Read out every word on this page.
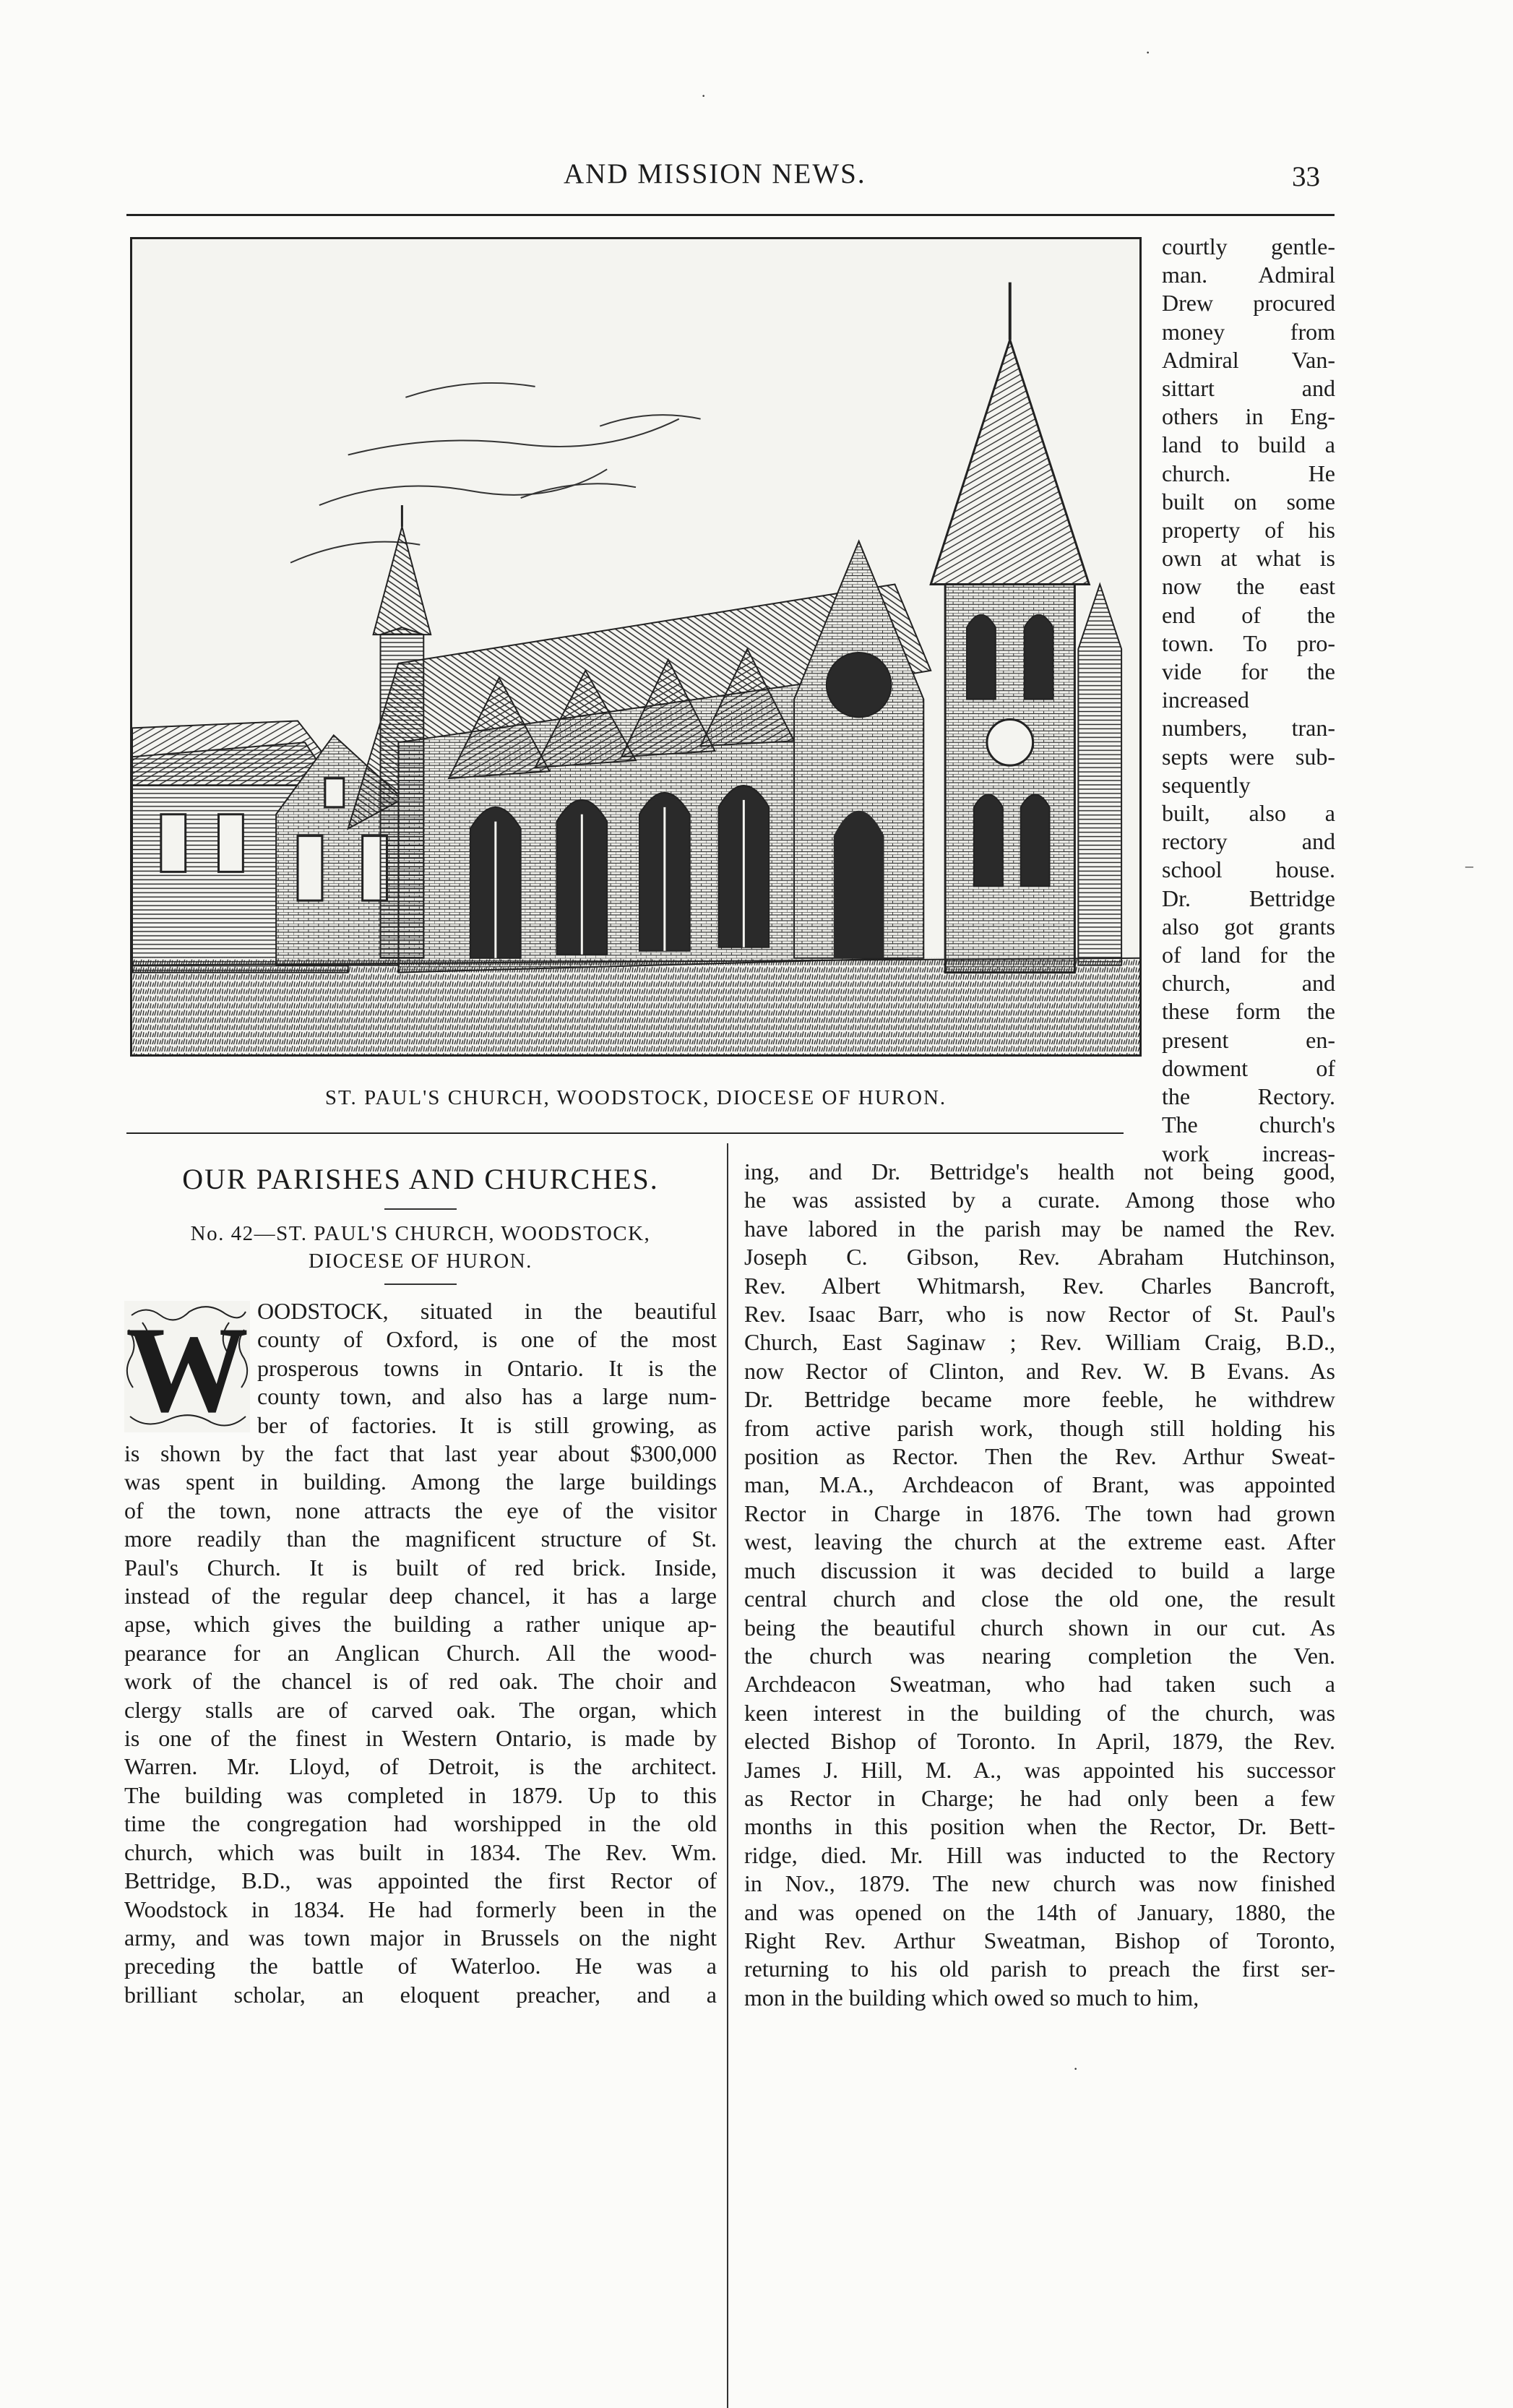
AND MISSION NEWS.	33
ST. PAUL'S CHURCH, WOODSTOCK, DIOCESE OF HURON.
courtly gentle-
man. Admiral
Drew procured
money from
Admiral Van-
sittart and
others in Eng-
land to build a
church. He
built on some
property of his
own at what is
now the east
end of the
town. To pro-
vide for the
increased
numbers, tran-
septs were sub-
sequently
built, also a
rectory and
school house.
Dr. Bettridge
also got grants
of land for the
church, and
these form the
present en-
dowment of
the Rectory.
The church's
work increas-
OUR PARISHES AND CHURCHES.
No. 42—ST. PAUL'S CHURCH, WOODSTOCK,
DIOCESE OF HURON.
W OODSTOCK, situated in the beautiful
county of Oxford, is one of the most
prosperous towns in Ontario. It is the
county town, and also has a large num-
ber of factories. It is still growing, as
is shown by the fact that last year about $300,000
was spent in building. Among the large buildings
of the town, none attracts the eye of the visitor
more readily than the magnificent structure of St.
Paul's Church. It is built of red brick. Inside,
instead of the regular deep chancel, it has a large
apse, which gives the building a rather unique ap-
pearance for an Anglican Church. All the wood-
work of the chancel is of red oak. The choir and
clergy stalls are of carved oak. The organ, which
is one of the finest in Western Ontario, is made by
Warren. Mr. Lloyd, of Detroit, is the architect.
The building was completed in 1879. Up to this
time the congregation had worshipped in the old
church, which was built in 1834. The Rev. Wm.
Bettridge, B.D., was appointed the first Rector of
Woodstock in 1834. He had formerly been in the
army, and was town major in Brussels on the night
preceding the battle of Waterloo. He was a
brilliant scholar, an eloquent preacher, and a
ing, and Dr. Bettridge's health not being good,
he was assisted by a curate. Among those who
have labored in the parish may be named the Rev.
Joseph C. Gibson, Rev. Abraham Hutchinson,
Rev. Albert Whitmarsh, Rev. Charles Bancroft,
Rev. Isaac Barr, who is now Rector of St. Paul's
Church, East Saginaw ; Rev. William Craig, B.D.,
now Rector of Clinton, and Rev. W. B Evans. As
Dr. Bettridge became more feeble, he withdrew
from active parish work, though still holding his
position as Rector. Then the Rev. Arthur Sweat-
man, M.A., Archdeacon of Brant, was appointed
Rector in Charge in 1876. The town had grown
west, leaving the church at the extreme east. After
much discussion it was decided to build a large
central church and close the old one, the result
being the beautiful church shown in our cut. As
the church was nearing completion the Ven.
Archdeacon Sweatman, who had taken such a
keen interest in the building of the church, was
elected Bishop of Toronto. In April, 1879, the Rev.
James J. Hill, M. A., was appointed his successor
as Rector in Charge; he had only been a few
months in this position when the Rector, Dr. Bett-
ridge, died. Mr. Hill was inducted to the Rectory
in Nov., 1879. The new church was now finished
and was opened on the 14th of January, 1880, the
Right Rev. Arthur Sweatman, Bishop of Toronto,
returning to his old parish to preach the first ser-
mon in the building which owed so much to him,
·
·
–
·
